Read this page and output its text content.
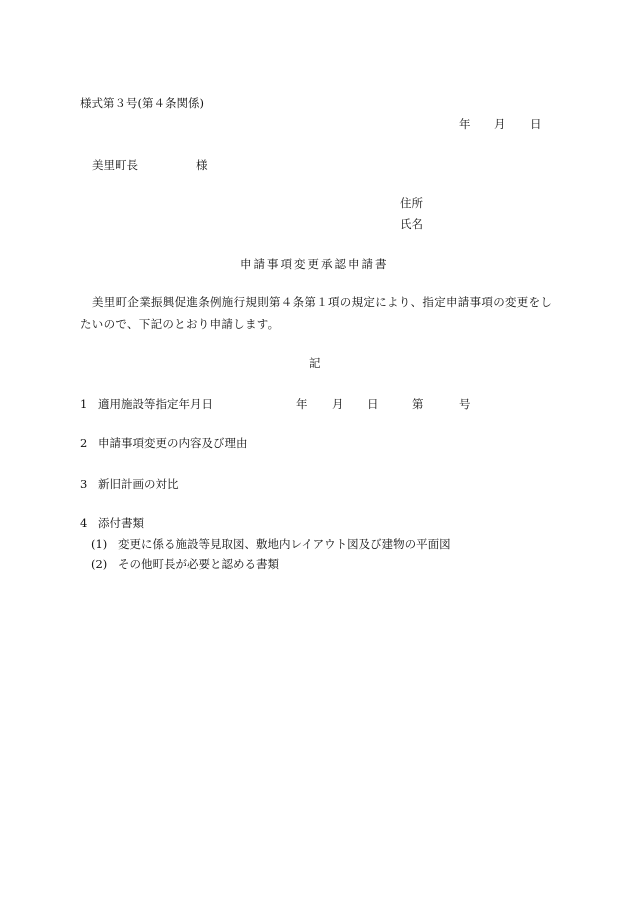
様式第３号(第４条関係)
年 月 日
美里町長	様
住所
氏名
申請事項変更承認申請書
美里町企業振興促進条例施行規則第４条第１項の規定により、指定申請事項の変更をし
たいので、下記のとおり申請します。
記
1 適用施設等指定年月日	年 月 日	第	号
2 申請事項変更の内容及び理由
3 新旧計画の対比
4 添付書類
(1) 変更に係る施設等見取図、敷地内レイアウト図及び建物の平面図
(2) その他町長が必要と認める書類
